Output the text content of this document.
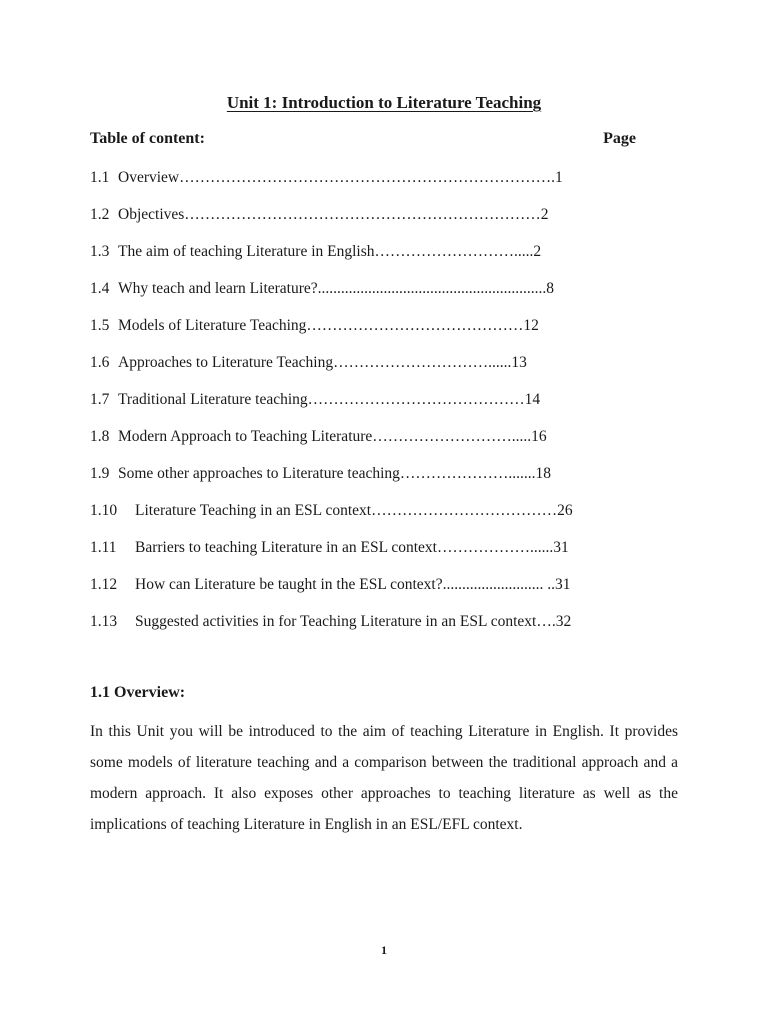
Unit 1: Introduction to Literature Teaching
Table of content:	Page
1.1 Overview……………………………………………………………….1
1.2 Objectives……………………………………………………………2
1.3 The aim of teaching Literature in English……………………….....2
1.4 Why teach and learn Literature?...........................................................8
1.5 Models of Literature Teaching……………………………………12
1.6 Approaches to Literature Teaching…………………………......13
1.7 Traditional Literature teaching……………………………………14
1.8 Modern Approach to Teaching Literature……………………….....16
1.9 Some other approaches to Literature teaching………………….......18
1.10 Literature Teaching in an ESL context………………………………26
1.11 Barriers to teaching Literature in an ESL context………………......31
1.12 How can Literature be taught in the ESL context?.......................... ..31
1.13 Suggested activities in for Teaching Literature in an ESL context….32
1.1 Overview:

In this Unit you will be introduced to the aim of teaching Literature in English. It provides some models of literature teaching and a comparison between the traditional approach and a modern approach. It also exposes other approaches to teaching literature as well as the implications of teaching Literature in English in an ESL/EFL context.

1
